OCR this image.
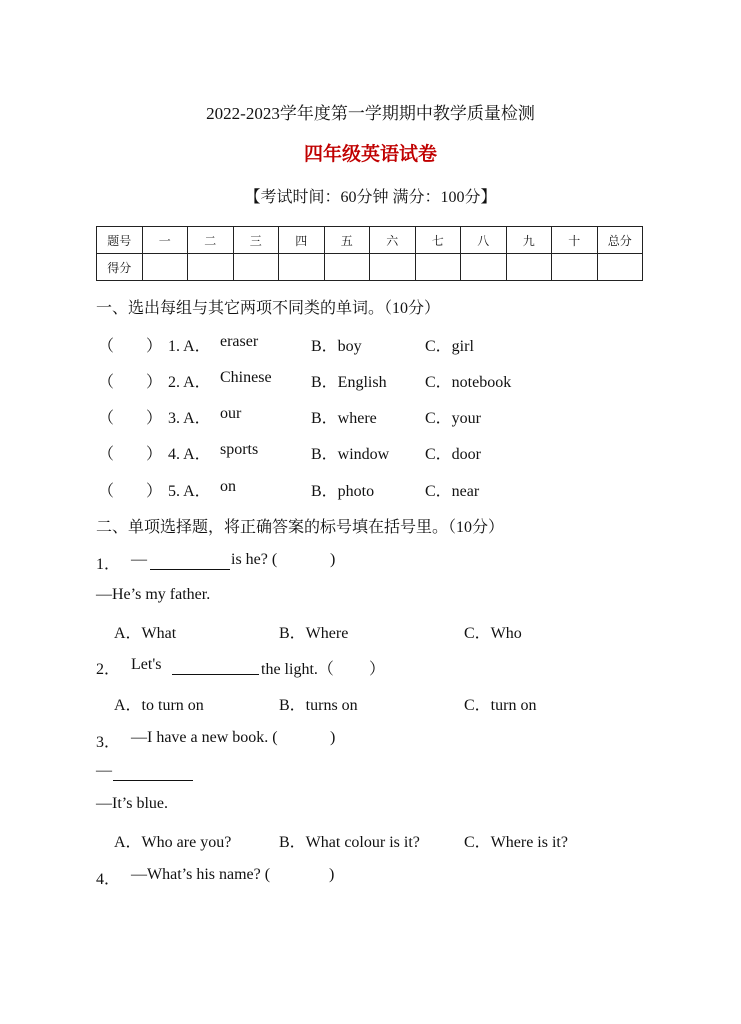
2022-2023学年度第一学期期中教学质量检测
四年级英语试卷
【考试时间：60分钟 满分：100分】
题号	一	二	三	四	五	六	七	八	九	十	总分
得分											
一、选出每组与其它两项不同类的单词。（10分）
（ ） 1. A． eraser	B．boy	C．girl
（ ） 2. A． Chinese B．English C．notebook
（ ） 3. A． our	B．where	C．your
（ ） 4. A． sports	B．window C．door
（ ） 5. A． on	B．photo	C．near
二、单项选择题，将正确答案的标号填在括号里。（10分）
1． —	is he? (	)
—He’s my father.
A．What	B．Where	C．Who
2． Let's	the light.（ ）
A．to turn on	B．turns on	C．turn on
3． —I have a new book. (	)
—
—It’s blue.
A．Who are you?	B．What colour is it?	C．Where is it?
4． —What’s his name? (	)
